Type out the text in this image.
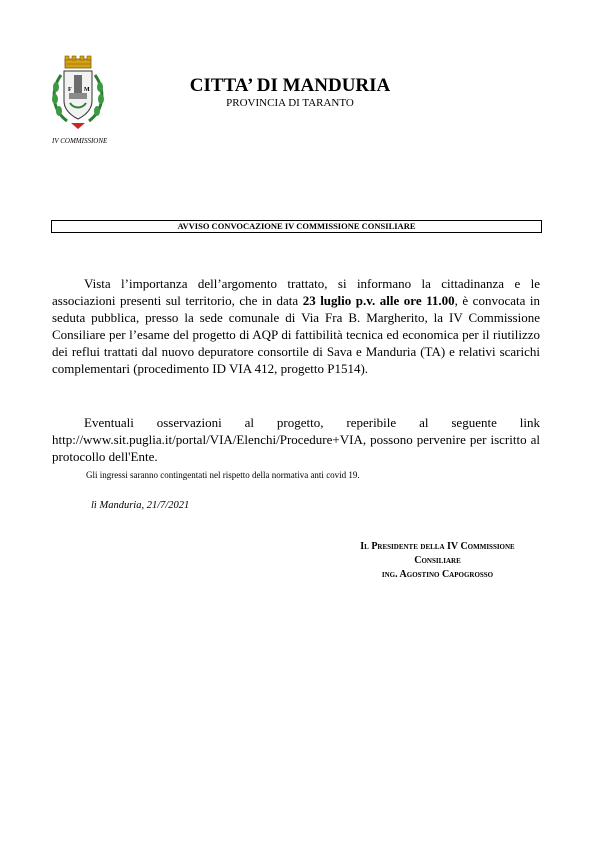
F M
IV COMMISSIONE
CITTA’ DI MANDURIA
PROVINCIA DI TARANTO
AVVISO CONVOCAZIONE IV COMMISSIONE CONSILIARE

Vista l’importanza dell’argomento trattato, si informano la cittadinanza e le associazioni presenti sul territorio, che in data 23 luglio p.v. alle ore 11.00, è convocata in seduta pubblica, presso la sede comunale di Via Fra B. Margherito, la IV Commissione Consiliare per l’esame del progetto di AQP di fattibilità tecnica ed economica per il riutilizzo dei reflui trattati dal nuovo depuratore consortile di Sava e Manduria (TA) e relativi scarichi complementari (procedimento ID VIA 412, progetto P1514).

Eventuali osservazioni al progetto, reperibile al seguente link http://www.sit.puglia.it/portal/VIA/Elenchi/Procedure+VIA, possono pervenire per iscritto al protocollo dell'Ente.

Gli ingressi saranno contingentati nel rispetto della normativa anti covid 19.
lì Manduria, 21/7/2021
Il Presidente della IV Commissione
Consiliare
ing. Agostino Capogrosso
